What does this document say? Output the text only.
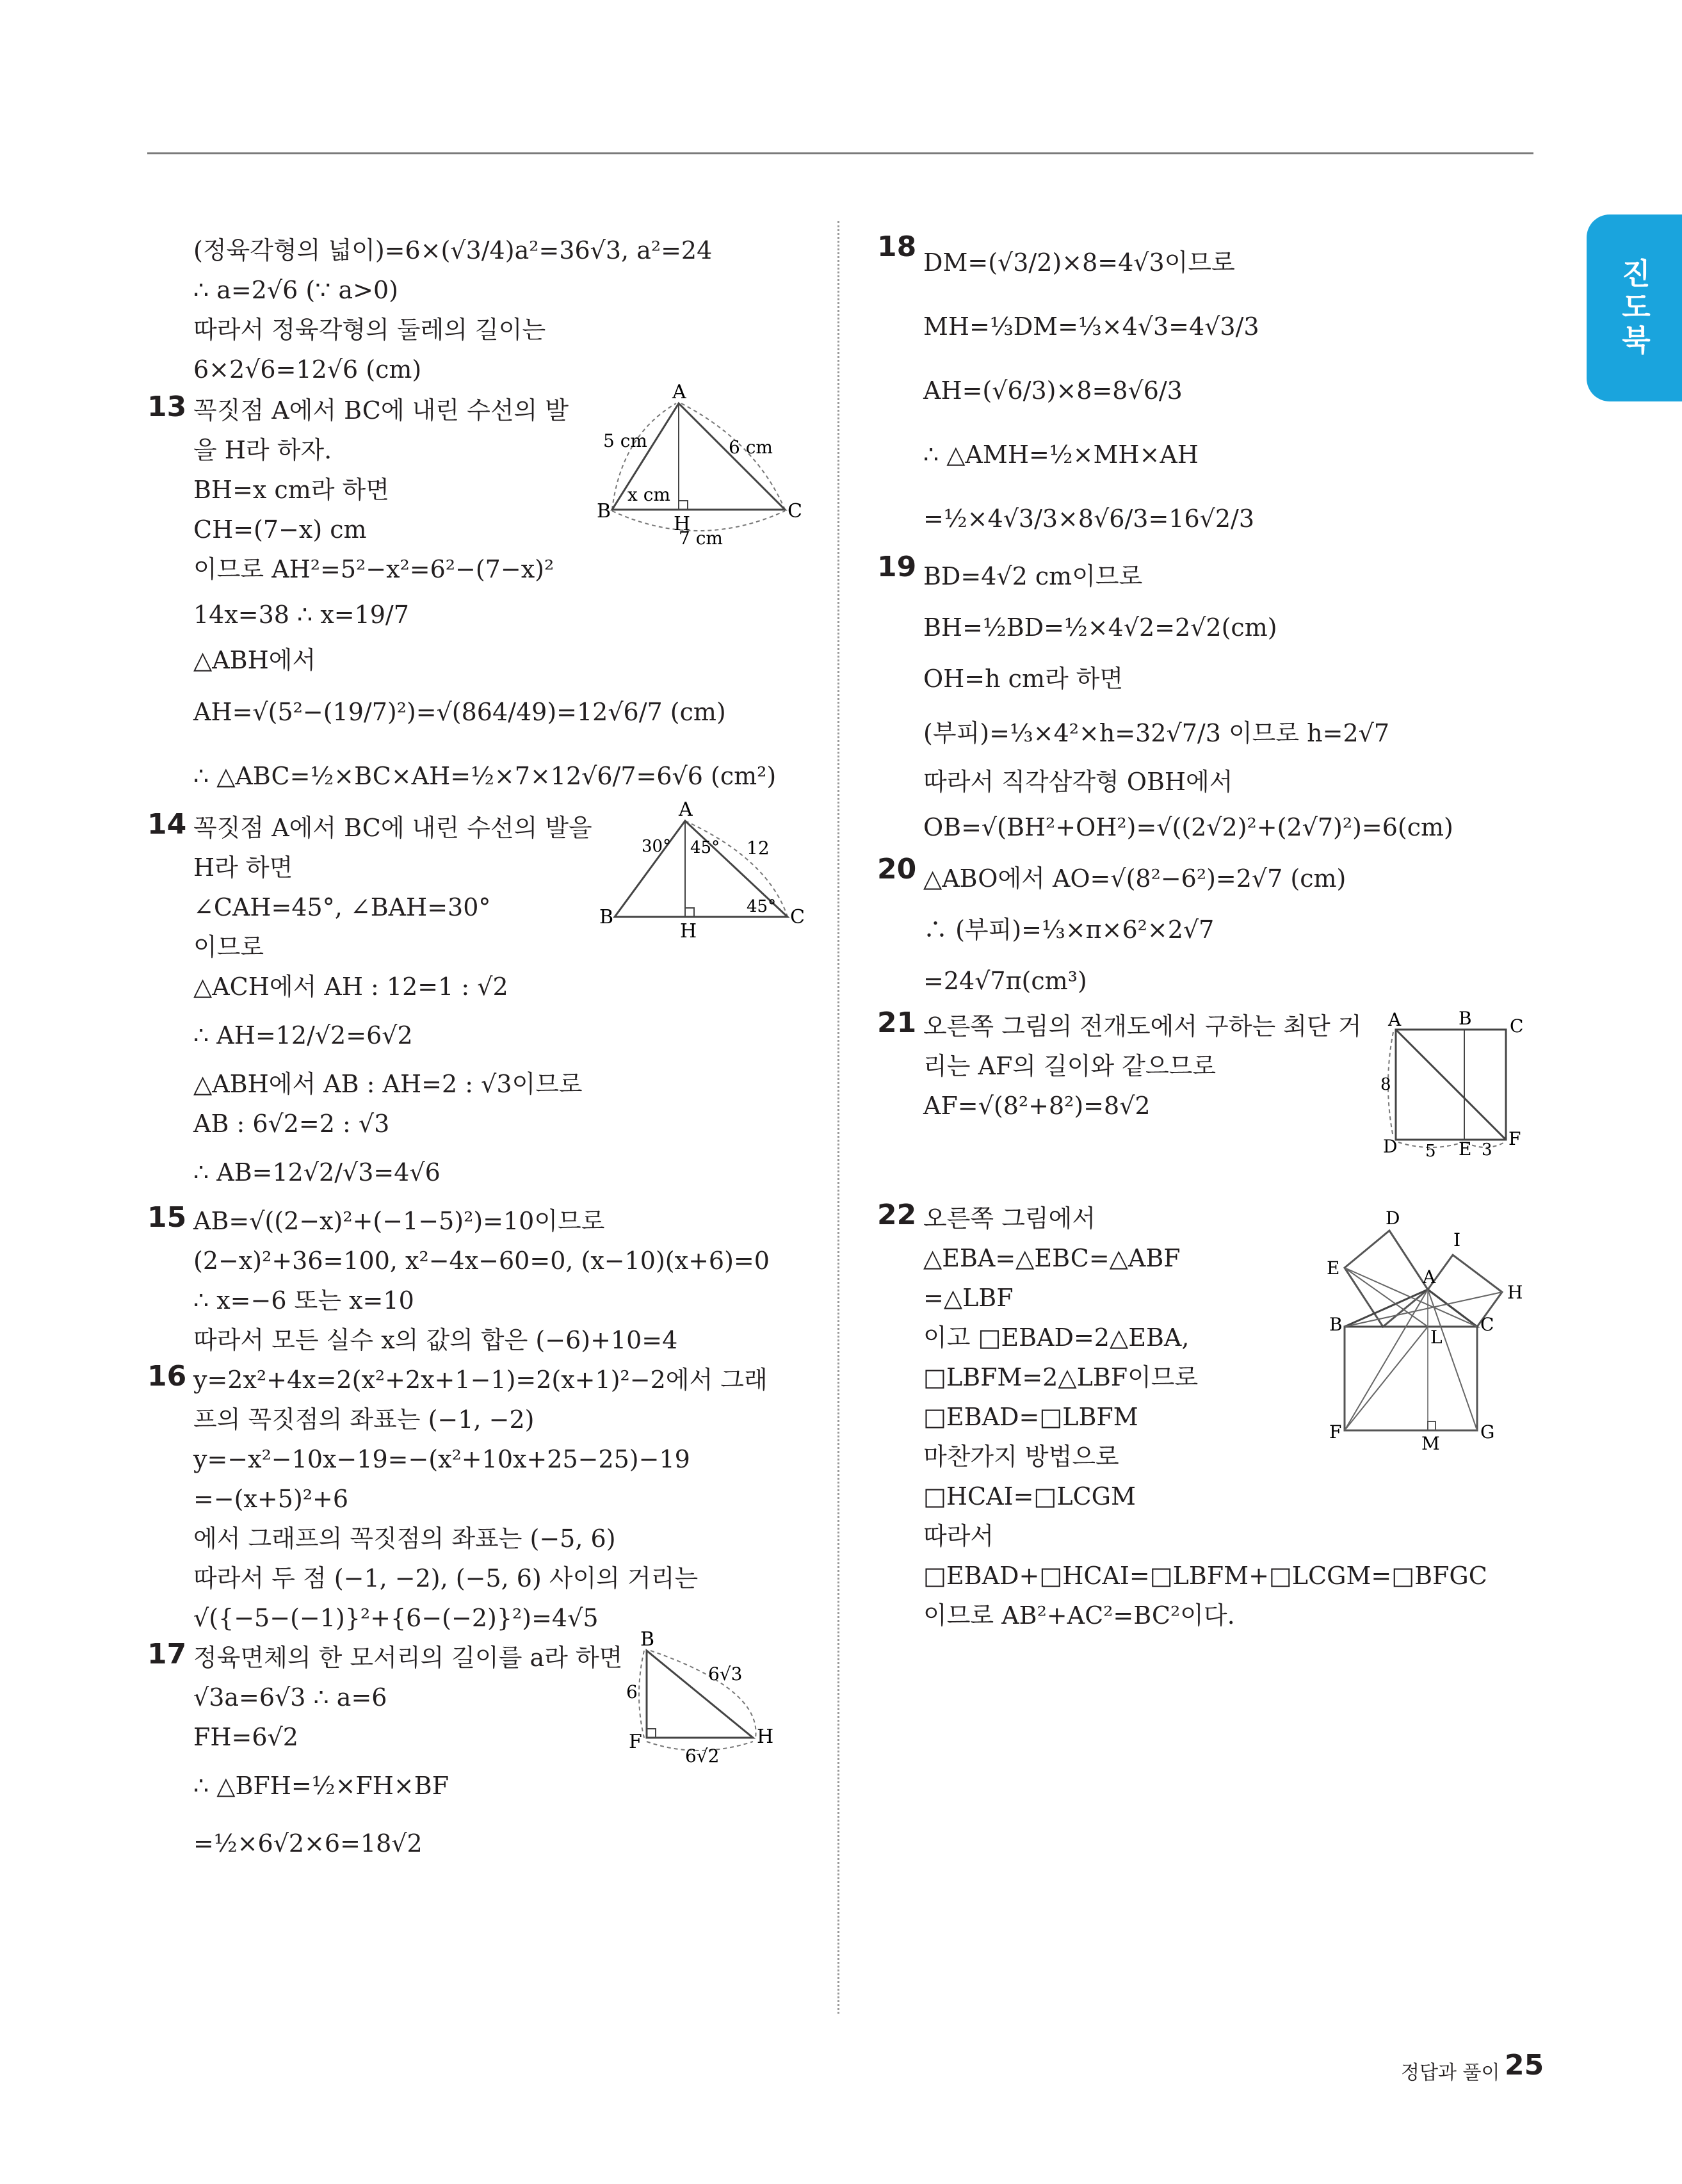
진도북
(정육각형의 넓이)=6×(√3/4)a²=36√3, a²=24
∴ a=2√6 (∵ a>0)
따라서 정육각형의 둘레의 길이는
6×2√6=12√6 (cm)
13 꼭짓점 A에서 BC에 내린 수선의 발
을 H라 하자.
BH=x cm라 하면
CH=(7−x) cm
이므로 AH²=5²−x²=6²−(7−x)²
14x=38 ∴ x=19/7
△ABH에서
AH=√(5²−(19/7)²)=√(864/49)=12√6/7 (cm)
∴ △ABC=½×BC×AH=½×7×12√6/7=6√6 (cm²)
A
B	C
H
5 cm	6 cm
x cm
7 cm
14 꼭짓점 A에서 BC에 내린 수선의 발을
H라 하면
∠CAH=45°, ∠BAH=30°
이므로
△ACH에서 AH : 12=1 : √2
∴ AH=12/√2=6√2
△ABH에서 AB : AH=2 : √3이므로
AB : 6√2=2 : √3
∴ AB=12√2/√3=4√6
A
B	C
H
30° 45° 12
45°
15 AB=√((2−x)²+(−1−5)²)=10이므로
(2−x)²+36=100, x²−4x−60=0, (x−10)(x+6)=0
∴ x=−6 또는 x=10
따라서 모든 실수 x의 값의 합은 (−6)+10=4
16 y=2x²+4x=2(x²+2x+1−1)=2(x+1)²−2에서 그래
프의 꼭짓점의 좌표는 (−1, −2)
y=−x²−10x−19=−(x²+10x+25−25)−19
=−(x+5)²+6
에서 그래프의 꼭짓점의 좌표는 (−5, 6)
따라서 두 점 (−1, −2), (−5, 6) 사이의 거리는
√({−5−(−1)}²+{6−(−2)}²)=4√5
17 정육면체의 한 모서리의 길이를 a라 하면
√3a=6√3 ∴ a=6
FH=6√2
∴ △BFH=½×FH×BF
=½×6√2×6=18√2
B
F	H
6
6√3
6√2
18 DM=(√3/2)×8=4√3이므로
MH=⅓DM=⅓×4√3=4√3/3
AH=(√6/3)×8=8√6/3
∴ △AMH=½×MH×AH
=½×4√3/3×8√6/3=16√2/3
19 BD=4√2 cm이므로
BH=½BD=½×4√2=2√2(cm)
OH=h cm라 하면
(부피)=⅓×4²×h=32√7/3 이므로 h=2√7
따라서 직각삼각형 OBH에서
OB=√(BH²+OH²)=√((2√2)²+(2√7)²)=6(cm)
20 △ABO에서 AO=√(8²−6²)=2√7 (cm)
∴ (부피)=⅓×π×6²×2√7
=24√7π(cm³)
21 오른쪽 그림의 전개도에서 구하는 최단 거
리는 AF의 길이와 같으므로
AF=√(8²+8²)=8√2
A	B C
D	E F
8
5	3
22 오른쪽 그림에서
△EBA=△EBC=△ABF
=△LBF
이고 □EBAD=2△EBA,
□LBFM=2△LBF이므로
□EBAD=□LBFM
마찬가지 방법으로
□HCAI=□LCGM
따라서
□EBAD+□HCAI=□LBFM+□LCGM=□BFGC
이므로 AB²+AC²=BC²이다.
D
I
E	A
H
B
L
C
F	G
M
정답과 풀이 25
